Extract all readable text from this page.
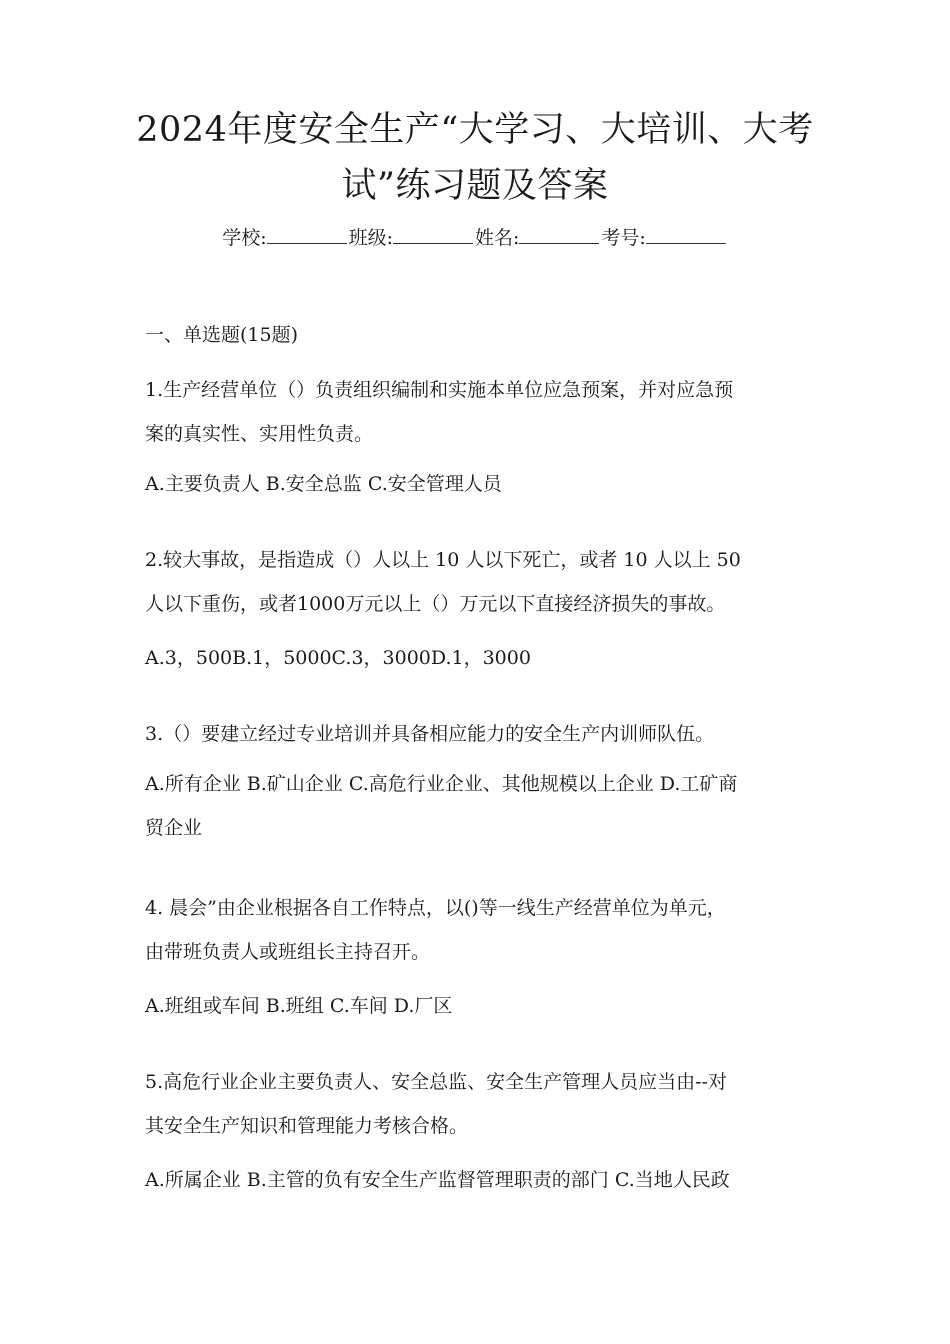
2024年度安全生产“大学习、大培训、大考
试”练习题及答案
学校:	班级:	姓名:	考号:
一、单选题(15题)
1.生产经营单位（）负责组织编制和实施本单位应急预案，并对应急预
案的真实性、实用性负责。
A.主要负责人 B.安全总监 C.安全管理人员
2.较大事故，是指造成（）人以上 10 人以下死亡，或者 10 人以上 50
人以下重伤，或者1000万元以上（）万元以下直接经济损失的事故。
A.3，500B.1，5000C.3，3000D.1，3000
3.（）要建立经过专业培训并具备相应能力的安全生产内训师队伍。
A.所有企业 B.矿山企业 C.高危行业企业、其他规模以上企业 D.工矿商
贸企业
4. 晨会”由企业根据各自工作特点，以()等一线生产经营单位为单元，
由带班负责人或班组长主持召开。
A.班组或车间 B.班组 C.车间 D.厂区
5.高危行业企业主要负责人、安全总监、安全生产管理人员应当由--对
其安全生产知识和管理能力考核合格。
A.所属企业 B.主管的负有安全生产监督管理职责的部门 C.当地人民政
